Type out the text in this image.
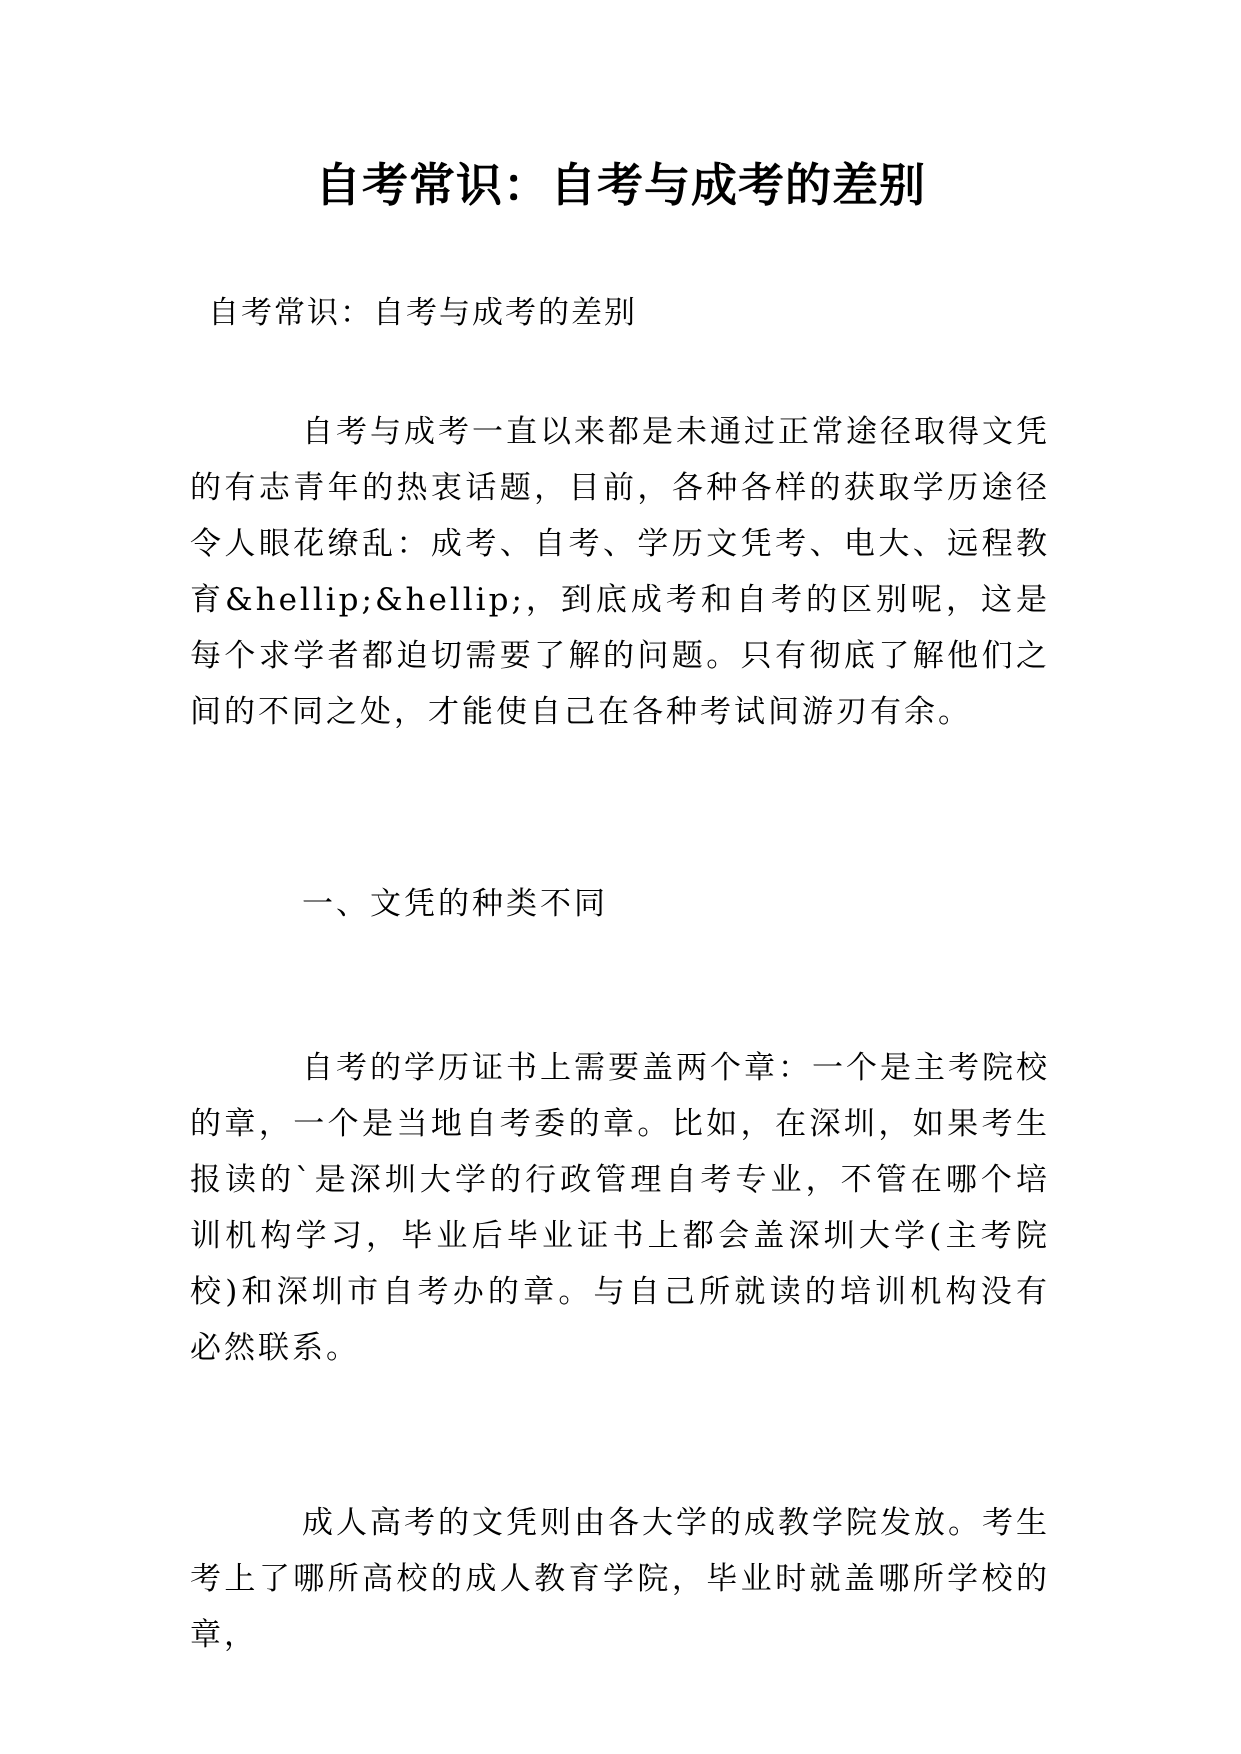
自考常识：自考与成考的差别
自考常识：自考与成考的差别
自考与成考一直以来都是未通过正常途径取得文凭的有志青年的热衷话题，目前，各种各样的获取学历途径令人眼花缭乱：成考、自考、学历文凭考、电大、远程教育&hellip;&hellip;，到底成考和自考的区别呢，这是每个求学者都迫切需要了解的问题。只有彻底了解他们之间的不同之处，才能使自己在各种考试间游刃有余。
一、文凭的种类不同
自考的学历证书上需要盖两个章：一个是主考院校的章，一个是当地自考委的章。比如，在深圳，如果考生报读的`是深圳大学的行政管理自考专业，不管在哪个培训机构学习，毕业后毕业证书上都会盖深圳大学(主考院校)和深圳市自考办的章。与自己所就读的培训机构没有必然联系。
成人高考的文凭则由各大学的成教学院发放。考生考上了哪所高校的成人教育学院，毕业时就盖哪所学校的章，
